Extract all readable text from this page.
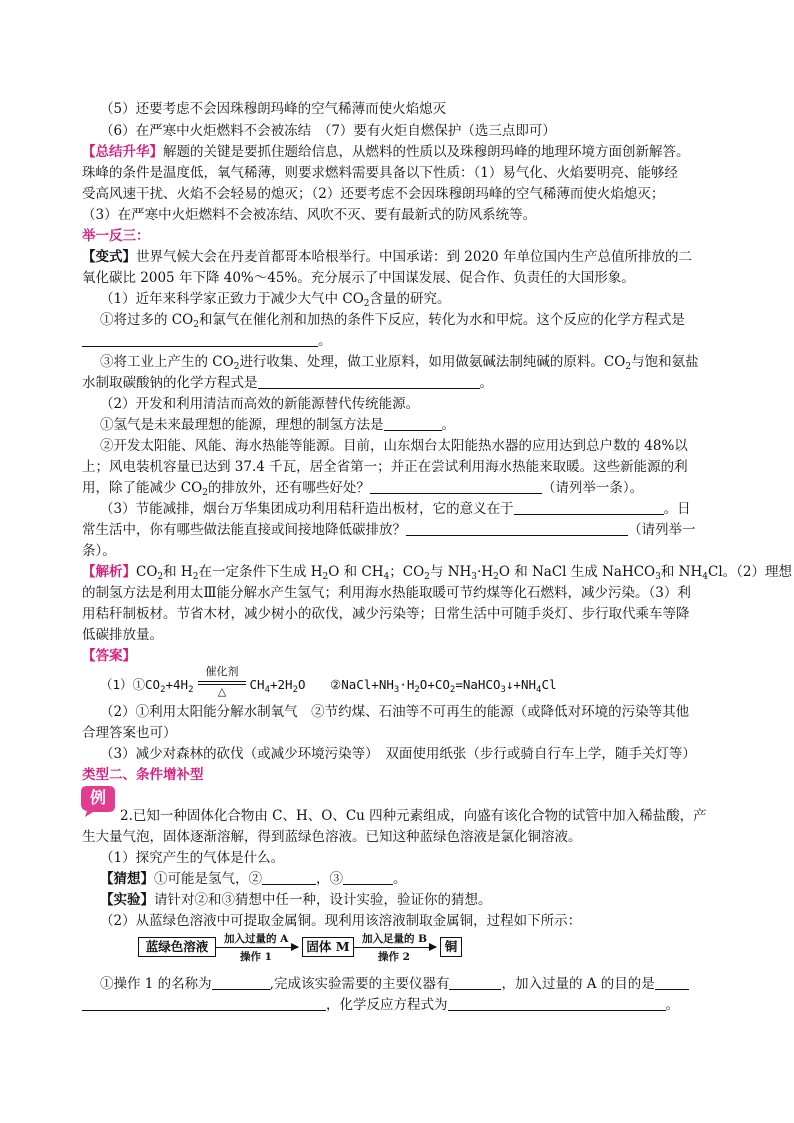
（5）还要考虑不会因珠穆朗玛峰的空气稀薄而使火焰熄灭
（6）在严寒中火炬燃料不会被冻结　（7）要有火炬自燃保护（选三点即可）
【总结升华】解题的关键是要抓住题给信息，从燃料的性质以及珠穆朗玛峰的地理环境方面创新解答。
珠峰的条件是温度低，氧气稀薄，则要求燃料需要具备以下性质：（1）易气化、火焰要明亮、能够经
受高风速干扰、火焰不会轻易的熄灭；（2）还要考虑不会因珠穆朗玛峰的空气稀薄而使火焰熄灭；
（3）在严寒中火炬燃料不会被冻结、风吹不灭、要有最新式的防风系统等。
举一反三：
【变式】世界气候大会在丹麦首都哥本哈根举行。中国承诺：到 2020 年单位国内生产总值所排放的二
氧化碳比 2005 年下降 40%～45%。充分展示了中国谋发展、促合作、负责任的大国形象。
（1）近年来科学家正致力于减少大气中 $CO_2$含量的研究。
①将过多的 $CO_2$和氯气在催化剂和加热的条件下反应，转化为水和甲烷。这个反应的化学方程式是
。
③将工业上产生的 $CO_2$进行收集、处理，做工业原料，如用做氨碱法制纯碱的原料。$CO_2$与饱和氨盐
水制取碳酸钠的化学方程式是	。
（2）开发和利用清洁而高效的新能源替代传统能源。
①氢气是未来最理想的能源，理想的制氢方法是	。
②开发太阳能、风能、海水热能等能源。目前，山东烟台太阳能热水器的应用达到总户数的 48%以
上；风电装机容量已达到 37.4 千瓦，居全省第一；并正在尝试利用海水热能来取暖。这些新能源的利
用，除了能减少 $CO_2$的排放外，还有哪些好处？	（请列举一条）。
（3）节能减排，烟台万华集团成功利用秸秆造出板材，它的意义在于	。日
常生活中，你有哪些做法能直接或间接地降低碳排放？	（请列举一
条）。
【解析】$CO_2$和 $H_2$在一定条件下生成 $H_2O$ 和 $CH_4$；$CO_2$与 $NH_3\cdot H_2O$ 和 NaCl 生成 NaHCO$_3$和 $NH_4Cl$。（2）理想
的制氢方法是利用太Ⅲ能分解水产生氢气；利用海水热能取暖可节约煤等化石燃料，减少污染。（3）利
用秸秆制板材。节省木材，减少树小的砍伐，减少污染等；日常生活中可随手炎灯、步行取代乘车等降
低碳排放量。
【答案】
$(1)①CO_2+4H_2$	$CH_4+2H_2O$
催化剂
△	$②NaCl+NH_3\cdot H_2O+CO_2=NaHCO_3↓+NH_4Cl$
（2）①利用太阳能分解水制氧气　②节约煤、石油等不可再生的能源（或降低对环境的污染等其他
合理答案也可）
（3）减少对森林的砍伐（或减少环境污染等）　双面使用纸张（步行或骑自行车上学，随手关灯等）
类型二、条件增补型
例
2.已知一种固体化合物由 C、H、O、Cu 四种元素组成，向盛有该化合物的试管中加入稀盐酸，产
生大量气泡，固体逐渐溶解，得到蓝绿色溶液。已知这种蓝绿色溶液是氯化铜溶液。
（1）探究产生的气体是什么。
【猜想】①可能是氢气，②	，③	。
【实验】请针对②和③猜想中任一种，设计实验，验证你的猜想。
（2）从蓝绿色溶液中可提取金属铜。现利用该溶液制取金属铜，过程如下所示：
蓝绿色溶液	加入过量的 A
操作 1
固体 M	加入足量的 B
操作 2
铜
①操作 1 的名称为	,完成该实验需要的主要仪器有	，加入过量的 A 的目的是
，化学反应方程式为	。
